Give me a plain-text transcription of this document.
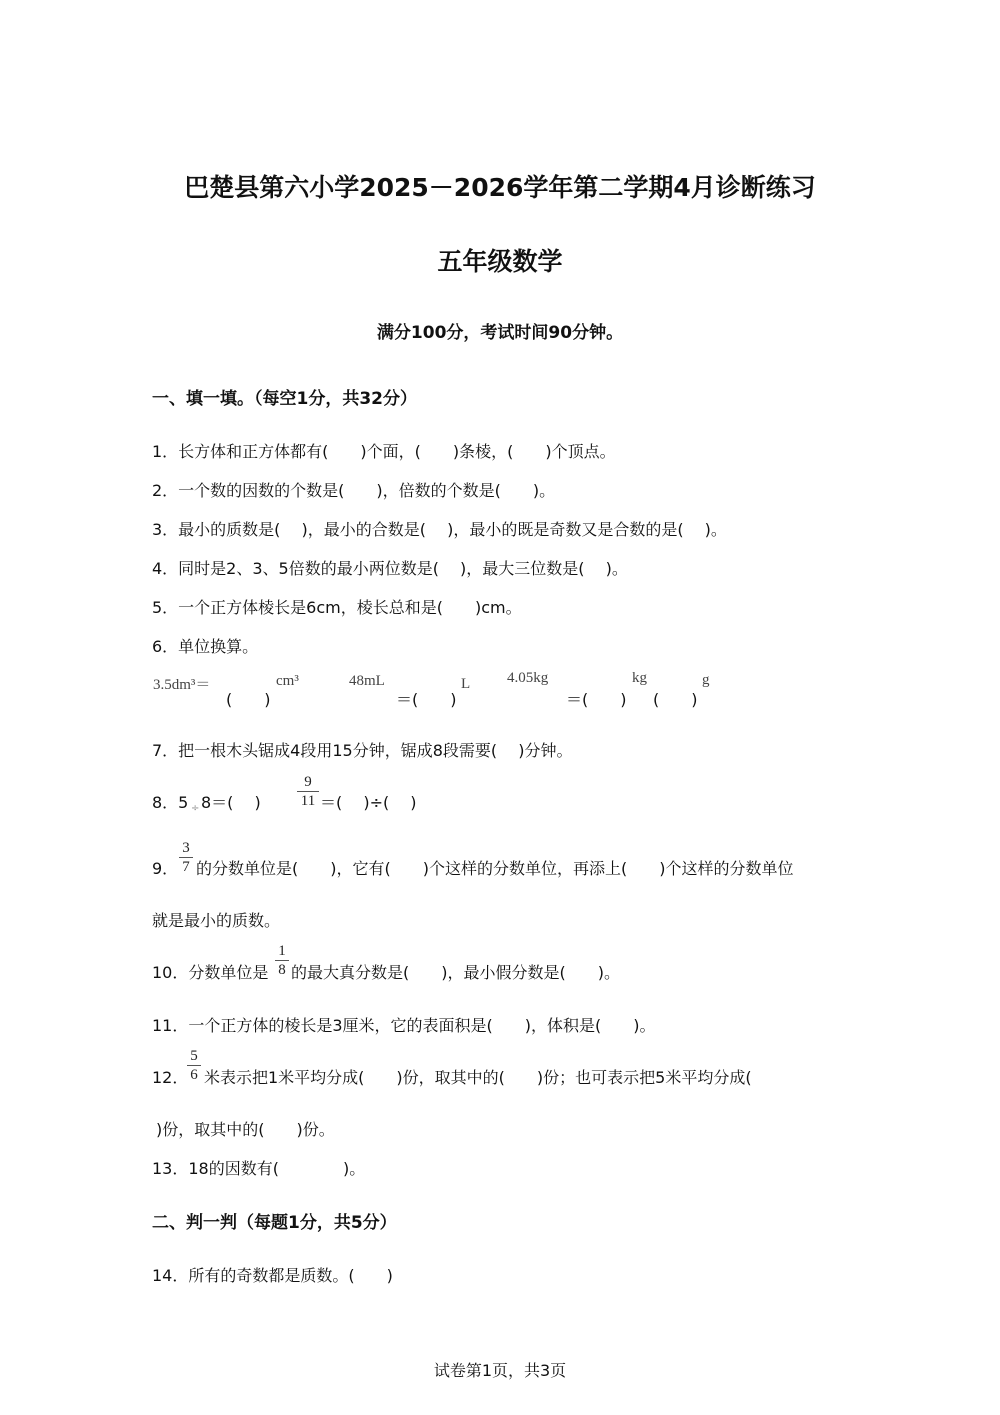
巴楚县第六小学2025－2026学年第二学期4月诊断练习
五年级数学
满分100分，考试时间90分钟。
一、填一填。（每空1分，共32分）
1．长方体和正方体都有(　　)个面，(　　)条棱，(　　)个顶点。
2．一个数的因数的个数是(　　)，倍数的个数是(　　)。
3．最小的质数是(　 )，最小的合数是(　 )，最小的既是奇数又是合数的是(　 )。
4．同时是2、3、5倍数的最小两位数是(　 )，最大三位数是(　 )。
5．一个正方体棱长是6cm，棱长总和是(　　)cm。
6．单位换算。
3.5dm³＝
(　　)
cm³	48mL
＝(　　)
L 4.05kg
＝(　　)
kg
(　　)
g
7．把一根木头锯成4段用15分钟，锯成8段需要(　 )分钟。
8．5 ÷ 8＝(　 )
9
11 ＝(　 )÷(　 )
9．
3
7 的分数单位是(　　)，它有(　　)个这样的分数单位，再添上(　　)个这样的分数单位
就是最小的质数。
10．分数单位是
1
8 的最大真分数是(　　)，最小假分数是(　　)。
11．一个正方体的棱长是3厘米，它的表面积是(　　)，体积是(　　)。
12．
5
6 米表示把1米平均分成(　　)份，取其中的(　　)份；也可表示把5米平均分成(
)份，取其中的(　　)份。
13．18的因数有(　　　　)。
二、判一判（每题1分，共5分）
14．所有的奇数都是质数。(　　)
试卷第1页，共3页
